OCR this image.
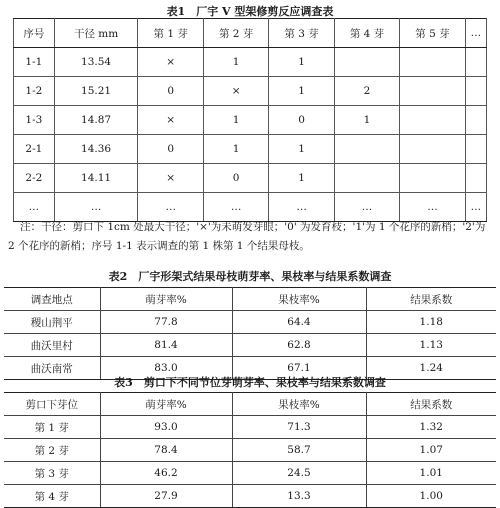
表1　厂宇 V 型架修剪反应调查表
序号	干径 mm	第 1 芽	第 2 芽	第 3 芽	第 4 芽	第 5 芽	…
1-1	13.54	×	1	1			
1-2	15.21	0	×	1	2		
1-3	14.87	×	1	0	1		
2-1	14.36	0	1	1			
2-2	14.11	×	0	1			
…	…	…	…	…	…	…	…
注：干径：剪口下 1cm 处最大干径；'×'为未萌发芽眼；'0' 为发育枝；'1'为 1 个花序的新梢；'2'为 2 个花序的新梢；序号 1-1 表示调查的第 1 株第 1 个结果母枝。
表2　厂宇形架式结果母枝萌芽率、果枝率与结果系数调查
调查地点	萌芽率%	果枝率%	结果系数
稷山荆平	77.8	64.4	1.18
曲沃里村	81.4	62.8	1.13
曲沃南常	83.0	67.1	1.24
表3　剪口下不同节位芽萌芽率、果枝率与结果系数调查
剪口下芽位	萌芽率%	果枝率%	结果系数
第 1 芽	93.0	71.3	1.32
第 2 芽	78.4	58.7	1.07
第 3 芽	46.2	24.5	1.01
第 4 芽	27.9	13.3	1.00
